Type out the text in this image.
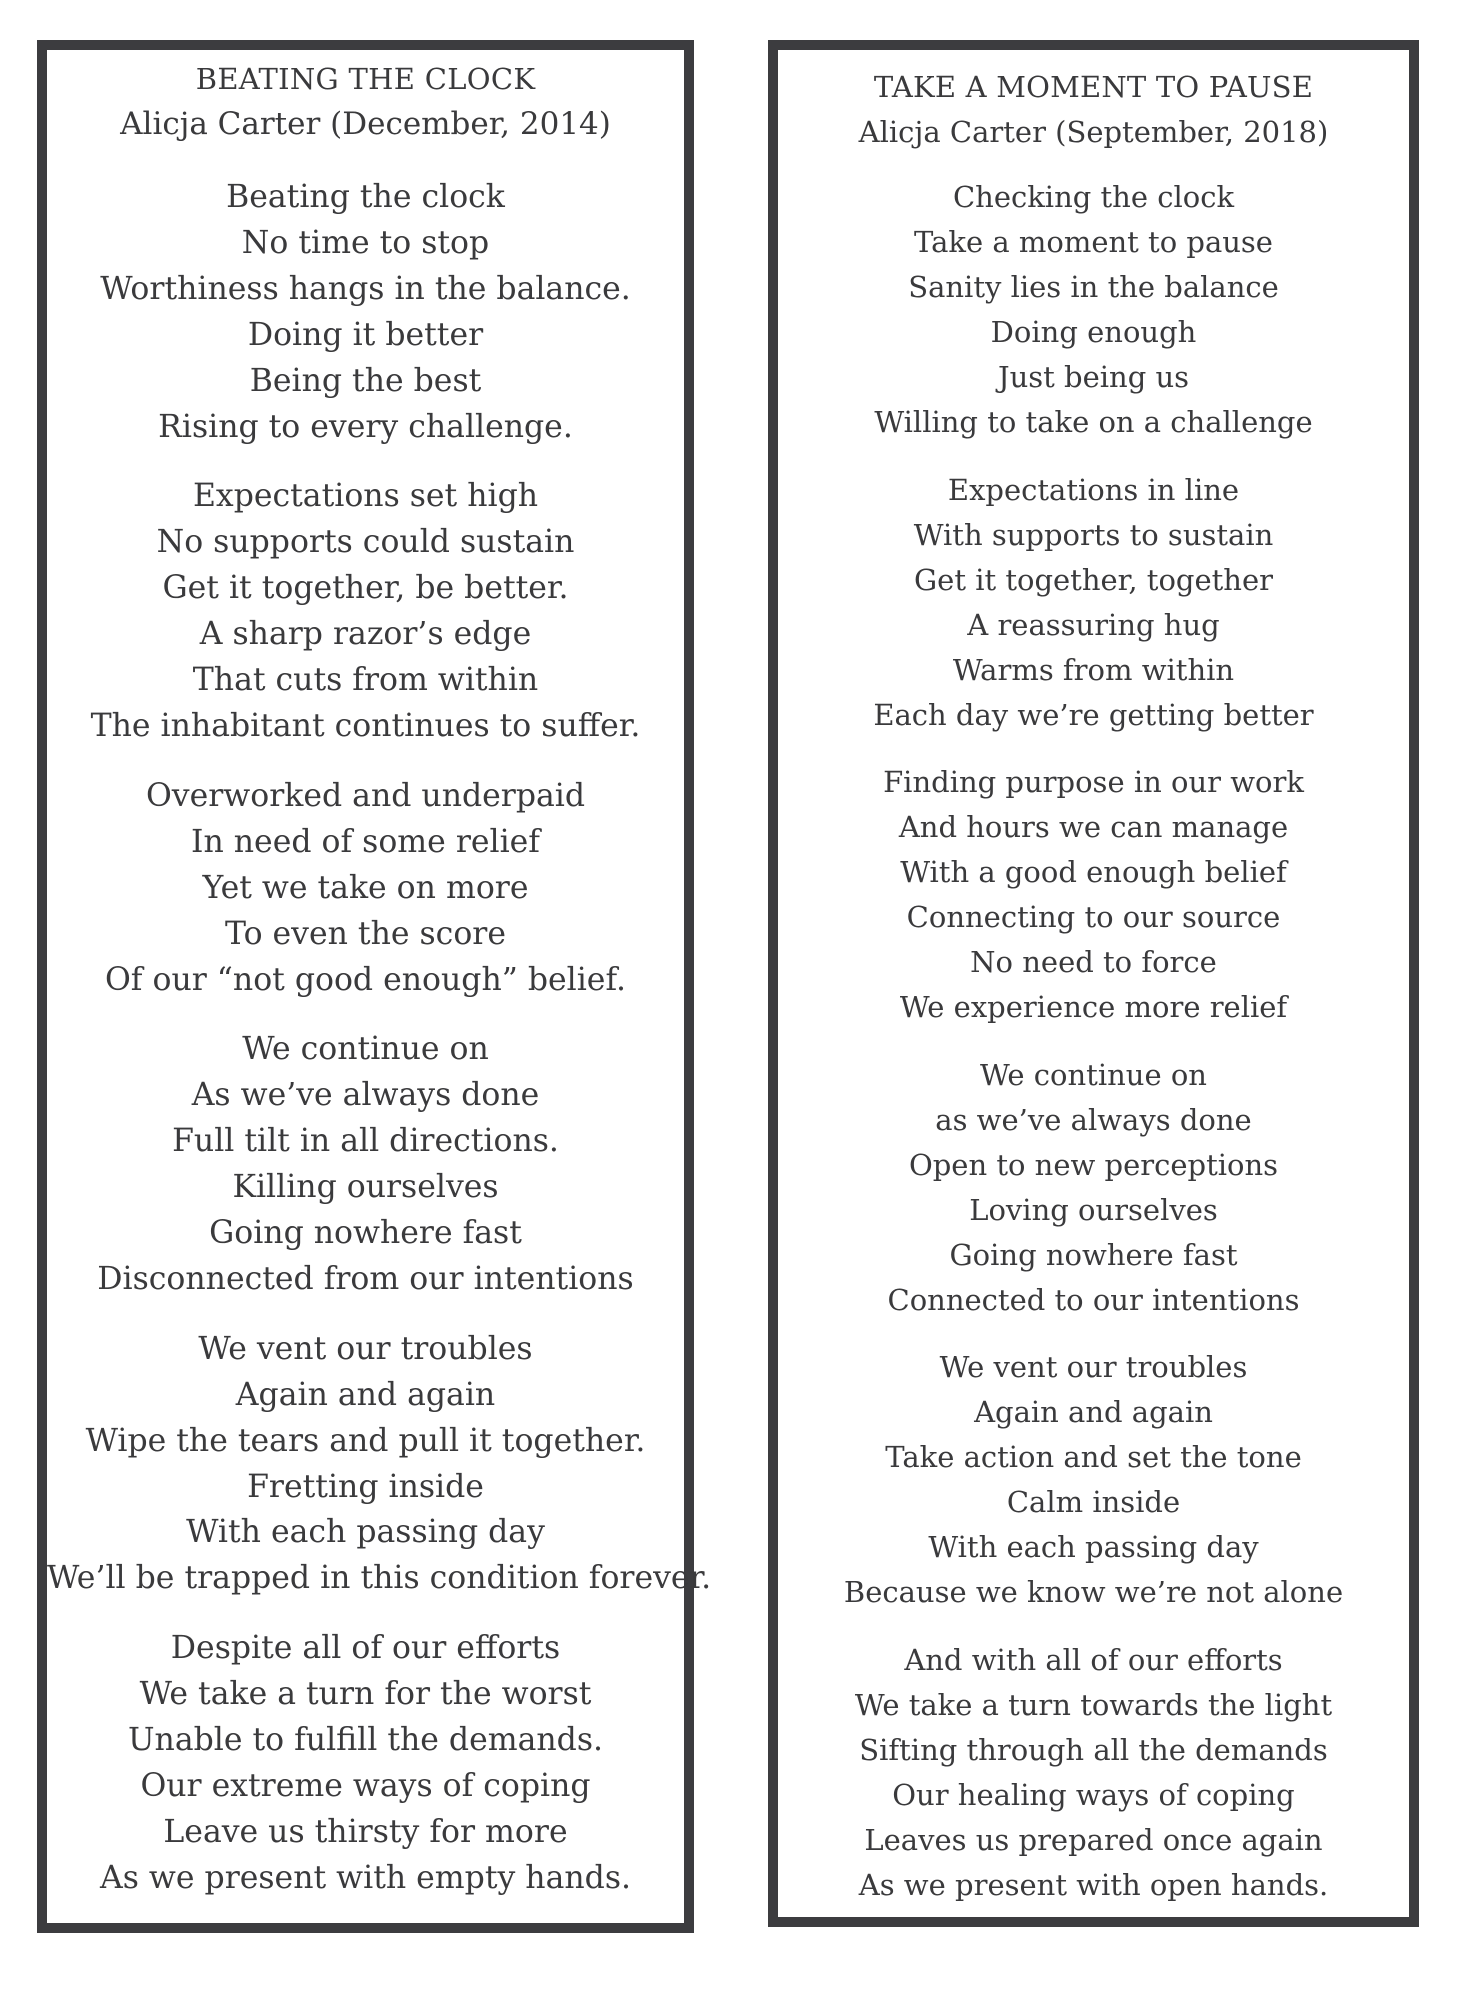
BEATING THE CLOCK
Alicja Carter (December, 2014)
Beating the clock
No time to stop
Worthiness hangs in the balance.
Doing it better
Being the best
Rising to every challenge.
Expectations set high
No supports could sustain
Get it together, be better.
A sharp razor’s edge
That cuts from within
The inhabitant continues to suffer.
Overworked and underpaid
In need of some relief
Yet we take on more
To even the score
Of our “not good enough” belief.
We continue on
As we’ve always done
Full tilt in all directions.
Killing ourselves
Going nowhere fast
Disconnected from our intentions
We vent our troubles
Again and again
Wipe the tears and pull it together.
Fretting inside
With each passing day
We’ll be trapped in this condition forever.
Despite all of our efforts
We take a turn for the worst
Unable to fulfill the demands.
Our extreme ways of coping
Leave us thirsty for more
As we present with empty hands.
TAKE A MOMENT TO PAUSE
Alicja Carter (September, 2018)
Checking the clock
Take a moment to pause
Sanity lies in the balance
Doing enough
Just being us
Willing to take on a challenge
Expectations in line
With supports to sustain
Get it together, together
A reassuring hug
Warms from within
Each day we’re getting better
Finding purpose in our work
And hours we can manage
With a good enough belief
Connecting to our source
No need to force
We experience more relief
We continue on
as we’ve always done
Open to new perceptions
Loving ourselves
Going nowhere fast
Connected to our intentions
We vent our troubles
Again and again
Take action and set the tone
Calm inside
With each passing day
Because we know we’re not alone
And with all of our efforts
We take a turn towards the light
Sifting through all the demands
Our healing ways of coping
Leaves us prepared once again
As we present with open hands.
